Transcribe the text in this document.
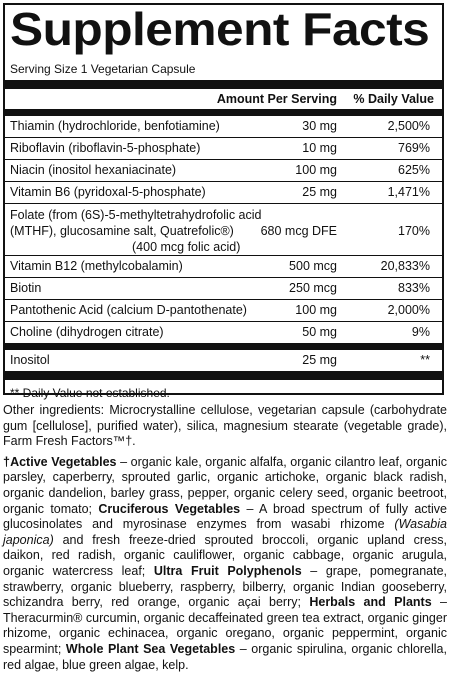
Supplement Facts
Serving Size 1 Vegetarian Capsule
Amount Per Serving % Daily Value
Thiamin (hydrochloride, benfotiamine)	30 mg	2,500%
Riboflavin (riboflavin-5-phosphate)	10 mg	769%
Niacin (inositol hexaniacinate)	100 mg	625%
Vitamin B6 (pyridoxal-5-phosphate)	25 mg	1,471%
Folate (from (6S)-5-methyltetrahydrofolic acid
(MTHF), glucosamine salt, Quatrefolic®)
(400 mcg folic acid)
680 mcg DFE	170%
Vitamin B12 (methylcobalamin)	500 mcg	20,833%
Biotin	250 mcg	833%
Pantothenic Acid (calcium D-pantothenate)	100 mg	2,000%
Choline (dihydrogen citrate)	50 mg	9%
Inositol	25 mg	**
** Daily Value not established.

Other ingredients: Microcrystalline cellulose, vegetarian capsule (carbohydrate gum [cellulose], purified water), silica, magnesium stearate (vegetable grade), Farm Fresh Factors™†.

†Active Vegetables – organic kale, organic alfalfa, organic cilantro leaf, organic parsley, caperberry, sprouted garlic, organic artichoke, organic black radish, organic dandelion, barley grass, pepper, organic celery seed, organic beetroot, organic tomato; Cruciferous Vegetables – A broad spectrum of fully active glucosinolates and myrosinase enzymes from wasabi rhizome (Wasabia japonica) and fresh freeze-dried sprouted broccoli, organic upland cress, daikon, red radish, organic cauliflower, organic cabbage, organic arugula, organic watercress leaf; Ultra Fruit Polyphenols – grape, pomegranate, strawberry, organic blueberry, raspberry, bilberry, organic Indian gooseberry, schizandra berry, red orange, organic açai berry; Herbals and Plants – Theracurmin® curcumin, organic decaffeinated green tea extract, organic ginger rhizome, organic echinacea, organic oregano, organic peppermint, organic spearmint; Whole Plant Sea Vegetables – organic spirulina, organic chlorella, red algae, blue green algae, kelp.
